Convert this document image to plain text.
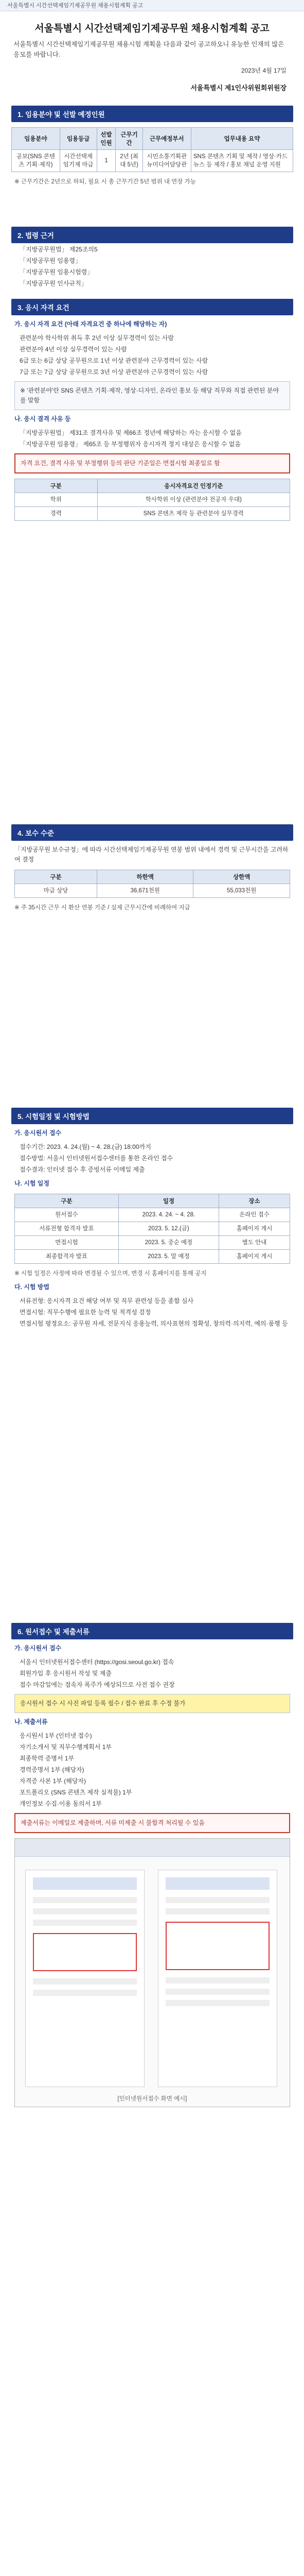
서울특별시 시간선택제임기제공무원 채용시험계획 공고
서울특별시 시간선택제임기제공무원 채용시험계획 공고
서울특별시 시간선택제임기제공무원 채용시험 계획을 다음과 같이 공고하오니 유능한 인재의 많은 응모를 바랍니다.
2023년 4월 17일
서울특별시 제1인사위원회위원장
1. 임용분야 및 선발 예정인원
임용분야	임용등급	선발인원	근무기간	근무예정부서	업무내용 요약
공보(SNS 콘텐츠 기획·제작)	시간선택제임기제 마급	1	2년 (최대 5년)	시민소통기획관 뉴미디어담당관	SNS 콘텐츠 기획 및 제작 / 영상·카드뉴스 등 제작 / 홍보 채널 운영 지원
※ 근무기간은 2년으로 하되, 필요 시 총 근무기간 5년 범위 내 연장 가능
2. 법령 근거
「지방공무원법」 제25조의5
「지방공무원 임용령」
「지방공무원 임용시험령」
「지방공무원 인사규칙」
3. 응시 자격 요건
가. 응시 자격 요건 (아래 자격요건 중 하나에 해당하는 자)
관련분야 학사학위 취득 후 2년 이상 실무경력이 있는 사람
관련분야 4년 이상 실무경력이 있는 사람
6급 또는 6급 상당 공무원으로 1년 이상 관련분야 근무경력이 있는 사람
7급 또는 7급 상당 공무원으로 3년 이상 관련분야 근무경력이 있는 사람
※ '관련분야'란 SNS 콘텐츠 기획·제작, 영상·디자인, 온라인 홍보 등 해당 직무와 직접 관련된 분야를 말함
나. 응시 결격 사유 등
「지방공무원법」 제31조 결격사유 및 제66조 정년에 해당하는 자는 응시할 수 없음
「지방공무원 임용령」 제65조 등 부정행위자 응시자격 정지 대상은 응시할 수 없음
자격 요건, 결격 사유 및 부정행위 등의 판단 기준일은 면접시험 최종일로 함
구분	응시자격요건 인정기준
학위	학사학위 이상 (관련분야 전공자 우대)
경력	SNS 콘텐츠 제작 등 관련분야 실무경력
4. 보수 수준
「지방공무원 보수규정」에 따라 시간선택제임기제공무원 연봉 범위 내에서 경력 및 근무시간을 고려하여 결정
구분	하한액	상한액
마급 상당	36,671천원	55,033천원
※ 주 35시간 근무 시 환산 연봉 기준 / 실제 근무시간에 비례하여 지급
5. 시험일정 및 시험방법
가. 응시원서 접수
접수기간: 2023. 4. 24.(월) ~ 4. 28.(금) 18:00까지
접수방법: 서울시 인터넷원서접수센터를 통한 온라인 접수
접수결과: 인터넷 접수 후 증빙서류 이메일 제출
나. 시험 일정
구분	일정	장소
원서접수	2023. 4. 24. ~ 4. 28.	온라인 접수
서류전형 합격자 발표	2023. 5. 12.(금)	홈페이지 게시
면접시험	2023. 5. 중순 예정	별도 안내
최종합격자 발표	2023. 5. 말 예정	홈페이지 게시
※ 시험 일정은 사정에 따라 변경될 수 있으며, 변경 시 홈페이지를 통해 공지
다. 시험 방법
서류전형: 응시자격 요건 해당 여부 및 직무 관련성 등을 종합 심사
면접시험: 직무수행에 필요한 능력 및 적격성 검정
면접시험 평정요소: 공무원 자세, 전문지식 응용능력, 의사표현의 정확성, 창의력·의지력, 예의·품행 등
6. 원서접수 및 제출서류
가. 응시원서 접수
서울시 인터넷원서접수센터 (https://gosi.seoul.go.kr) 접속
회원가입 후 응시원서 작성 및 제출
접수 마감일에는 접속자 폭주가 예상되므로 사전 접수 권장
응시원서 접수 시 사진 파일 등록 필수 / 접수 완료 후 수정 불가
나. 제출서류
응시원서 1부 (인터넷 접수)
자기소개서 및 직무수행계획서 1부
최종학력 증명서 1부
경력증명서 1부 (해당자)
자격증 사본 1부 (해당자)
포트폴리오 (SNS 콘텐츠 제작 실적물) 1부
개인정보 수집·이용 동의서 1부
제출서류는 이메일로 제출하며, 서류 미제출 시 불합격 처리될 수 있음
[인터넷원서접수 화면 예시]
